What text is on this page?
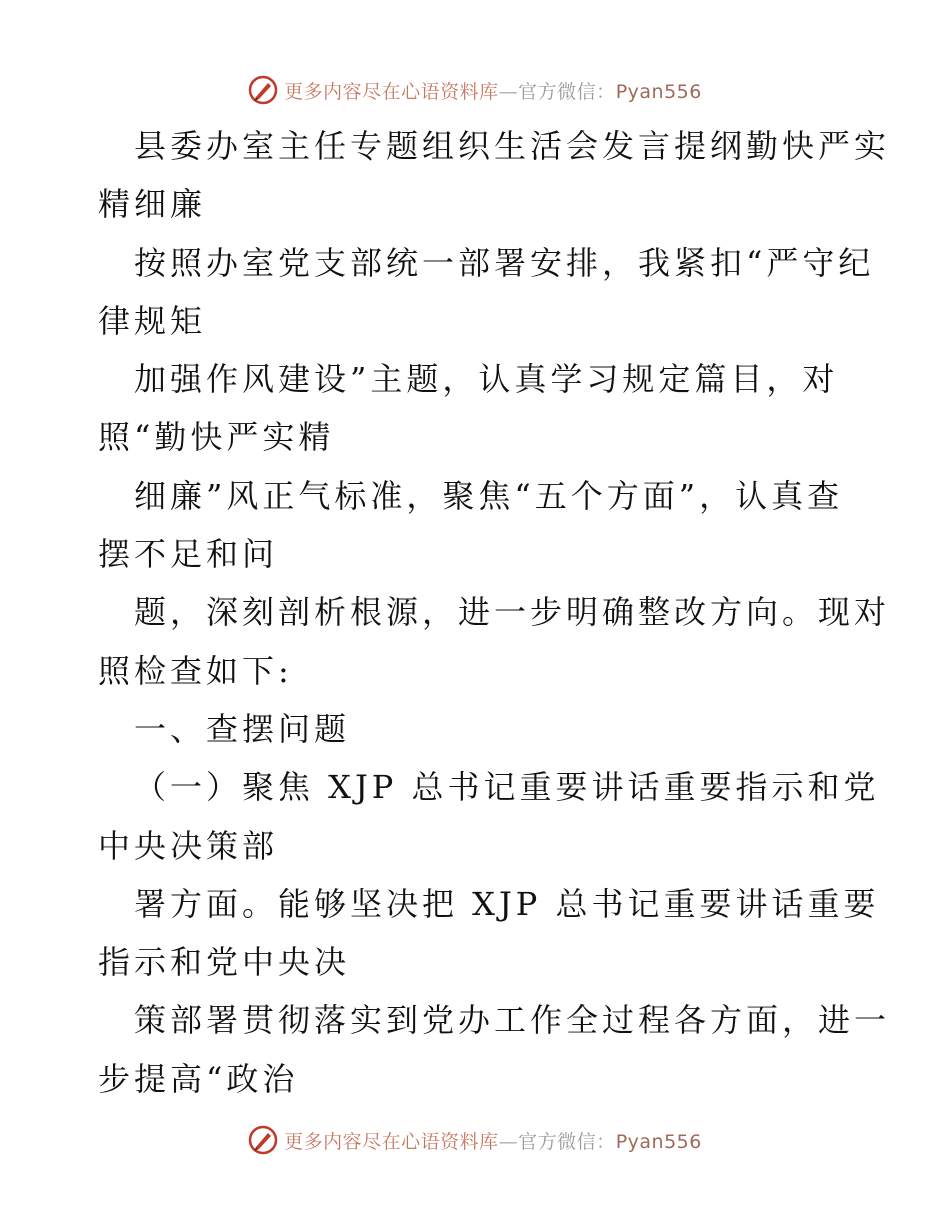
更多内容尽在心语资料库—官方微信：Pyan556
县委办室主任专题组织生活会发言提纲勤快严实
精细廉
按照办室党支部统一部署安排，我紧扣“严守纪
律规矩
加强作风建设”主题，认真学习规定篇目，对
照“勤快严实精
细廉”风正气标准，聚焦“五个方面”，认真查
摆不足和问
题，深刻剖析根源，进一步明确整改方向。现对
照检查如下:
一、查摆问题
（一）聚焦 XJP 总书记重要讲话重要指示和党
中央决策部
署方面。能够坚决把 XJP 总书记重要讲话重要
指示和党中央决
策部署贯彻落实到党办工作全过程各方面，进一
步提高“政治
更多内容尽在心语资料库—官方微信：Pyan556
